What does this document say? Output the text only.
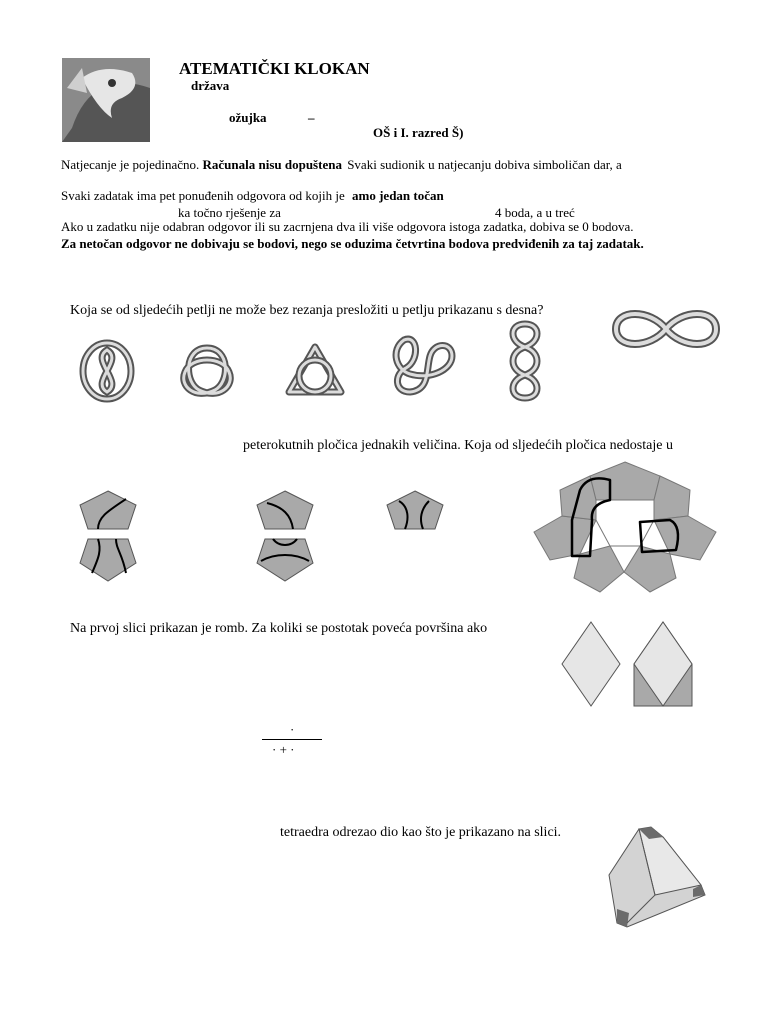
ATEMATIČKI KLOKAN
država
ožujka	–
OŠ i I. razred Š)
Natjecanje je pojedinačno. Računala nisu dopuštena Svaki sudionik u natjecanju dobiva simboličan dar, a
Svaki zadatak ima pet ponuđenih odgovora od kojih je amo jedan točan
ka točno rješenje za	4 boda, a u treć
Ako u zadatku nije odabran odgovor ili su zacrnjena dva ili više odgovora istoga zadatka, dobiva se 0 bodova.
Za netočan odgovor ne dobivaju se bodovi, nego se oduzima četvrtina bodova predviđenih za taj zadatak.
Koja se od sljedećih petlji ne može bez rezanja presložiti u petlju prikazanu s desna?
peterokutnih pločica jednakih veličina. Koja od sljedećih pločica nedostaje u
Na prvoj slici prikazan je romb. Za koliki se postotak poveća površina ako
·
· + ·
tetraedra odrezao dio kao što je prikazano na slici.
